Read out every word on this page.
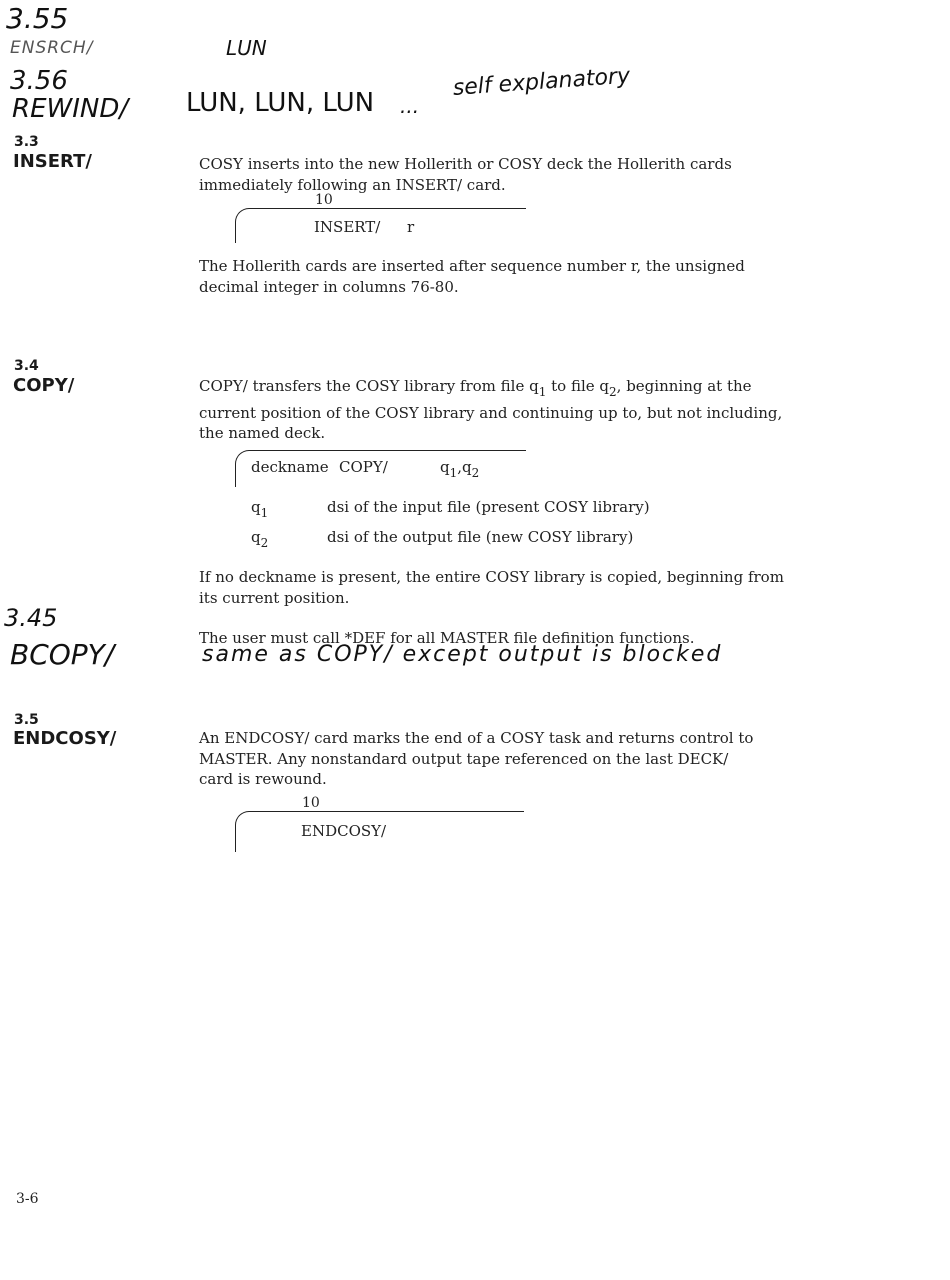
3.55
ENSRCH/	LUN
3.56
REWIND/ LUN, LUN, LUN ...
self explanatory
3.3
INSERT/	COSY inserts into the new Hollerith or COSY deck the Hollerith cards
immediately following an INSERT/ card.
10
INSERT/ r
The Hollerith cards are inserted after sequence number r, the unsigned
decimal integer in columns 76-80.
3.4
COPY/	COPY/ transfers the COSY library from file $q_1$ to file $q_2$, beginning at the
current position of the COSY library and continuing up to, but not including,
the named deck.
deckname COPY/	$q_1,q_2$
$q_1$	dsi of the input file (present COSY library)
$q_2$	dsi of the output file (new COSY library)
If no deckname is present, the entire COSY library is copied, beginning from
its current position.
The user must call *DEF for all MASTER file definition functions.
3.45
BCOPY/	same as COPY/ except output is blocked
3.5
ENDCOSY/	An ENDCOSY/ card marks the end of a COSY task and returns control to
MASTER. Any nonstandard output tape referenced on the last DECK/
card is rewound.
10
ENDCOSY/
3-6
